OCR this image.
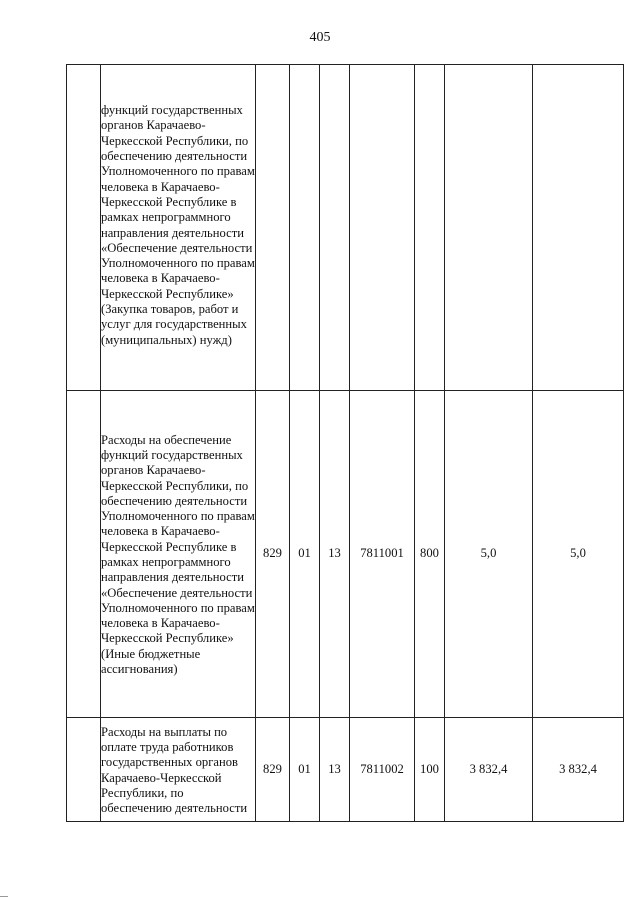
405

	функций государственных органов Карачаево-Черкесской Республики, по обеспечению деятельности Уполномоченного по правам человека в Карачаево-Черкесской Республике в рамках непрограммного направления деятельности «Обеспечение деятельности Уполномоченного по правам человека в Карачаево-Черкесской Республике» (Закупка товаров, работ и услуг для государственных (муниципальных) нужд)							

	Расходы на обеспечение функций государственных органов Карачаево-Черкесской Республики, по обеспечению деятельности Уполномоченного по правам человека в Карачаево-Черкесской Республике в рамках непрограммного направления деятельности «Обеспечение деятельности Уполномоченного по правам человека в Карачаево-Черкесской Республике» (Иные бюджетные ассигнования)	829	01	13	7811001	800	5,0	5,0

	Расходы на выплаты по оплате труда работников государственных органов Карачаево-Черкесской Республики, по обеспечению деятельности	829	01	13	7811002	100	3 832,4	3 832,4
